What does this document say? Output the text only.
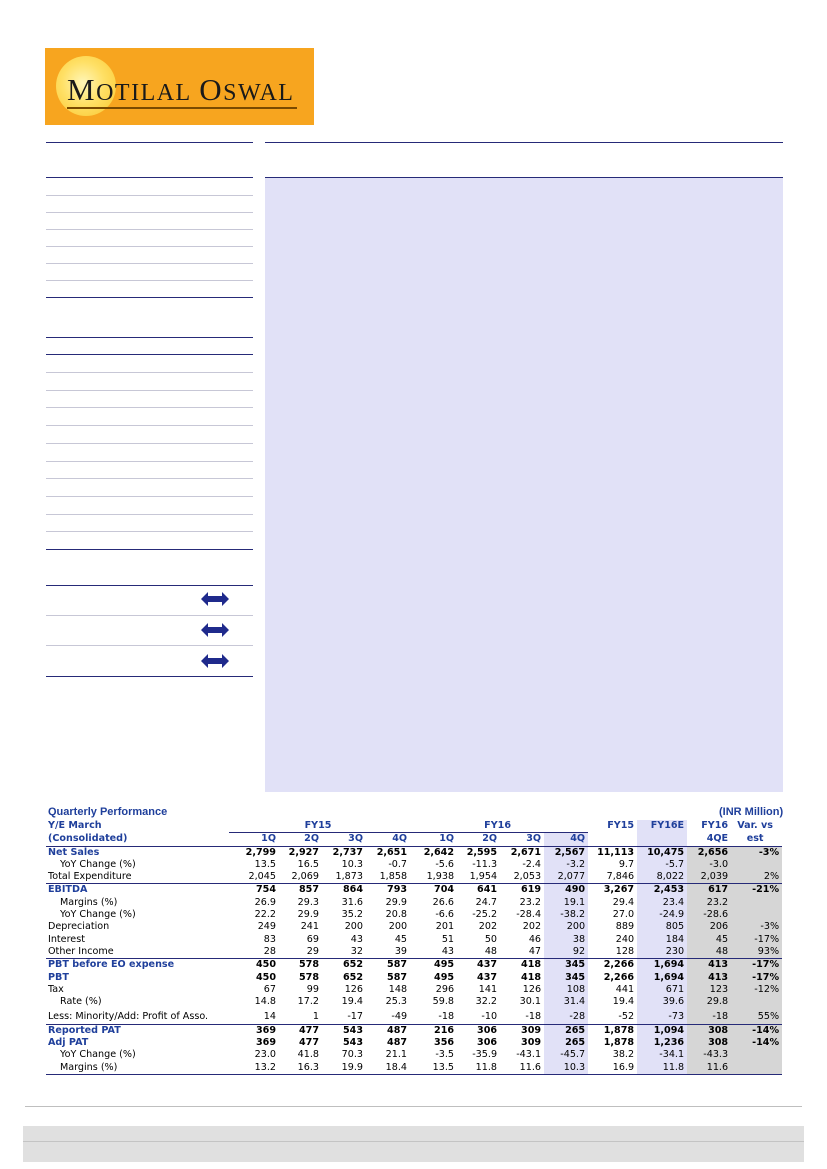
MOTILAL OSWAL
Quarterly Performance	(INR Million)
Y/E March	FY15				FY16				FY15	FY16E	FY16	Var. vs
(Consolidated)	1Q	2Q	3Q	4Q	1Q	2Q	3Q	4Q			4QE	est
Net Sales	2,799	2,927	2,737	2,651	2,642	2,595	2,671	2,567	11,113	10,475	2,656	-3%
YoY Change (%)	13.5	16.5	10.3	-0.7	-5.6	-11.3	-2.4	-3.2	9.7	-5.7	-3.0	
Total Expenditure	2,045	2,069	1,873	1,858	1,938	1,954	2,053	2,077	7,846	8,022	2,039	2%
EBITDA	754	857	864	793	704	641	619	490	3,267	2,453	617	-21%
Margins (%)	26.9	29.3	31.6	29.9	26.6	24.7	23.2	19.1	29.4	23.4	23.2	
YoY Change (%)	22.2	29.9	35.2	20.8	-6.6	-25.2	-28.4	-38.2	27.0	-24.9	-28.6	
Depreciation	249	241	200	200	201	202	202	200	889	805	206	-3%
Interest	83	69	43	45	51	50	46	38	240	184	45	-17%
Other Income	28	29	32	39	43	48	47	92	128	230	48	93%
PBT before EO expense	450	578	652	587	495	437	418	345	2,266	1,694	413	-17%
PBT	450	578	652	587	495	437	418	345	2,266	1,694	413	-17%
Tax	67	99	126	148	296	141	126	108	441	671	123	-12%
Rate (%)	14.8	17.2	19.4	25.3	59.8	32.2	30.1	31.4	19.4	39.6	29.8	
Less: Minority/Add: Profit of Asso.	14	1	-17	-49	-18	-10	-18	-28	-52	-73	-18	55%
Reported PAT	369	477	543	487	216	306	309	265	1,878	1,094	308	-14%
Adj PAT	369	477	543	487	356	306	309	265	1,878	1,236	308	-14%
YoY Change (%)	23.0	41.8	70.3	21.1	-3.5	-35.9	-43.1	-45.7	38.2	-34.1	-43.3	
Margins (%)	13.2	16.3	19.9	18.4	13.5	11.8	11.6	10.3	16.9	11.8	11.6	
